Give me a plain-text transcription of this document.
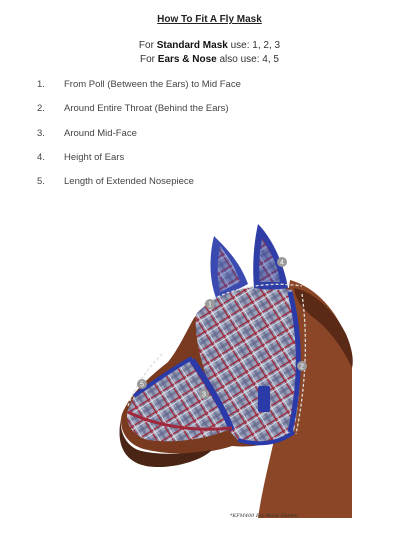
How To Fit A Fly Mask
For Standard Mask use: 1, 2, 3
For Ears & Nose also use: 4, 5
1. From Poll (Between the Ears) to Mid Face
2. Around Entire Throat (Behind the Ears)
3. Around Mid-Face
4. Height of Ears
5. Length of Extended Nosepiece
1
2
3
4
5
*KFM400 Fly Mask Shown
